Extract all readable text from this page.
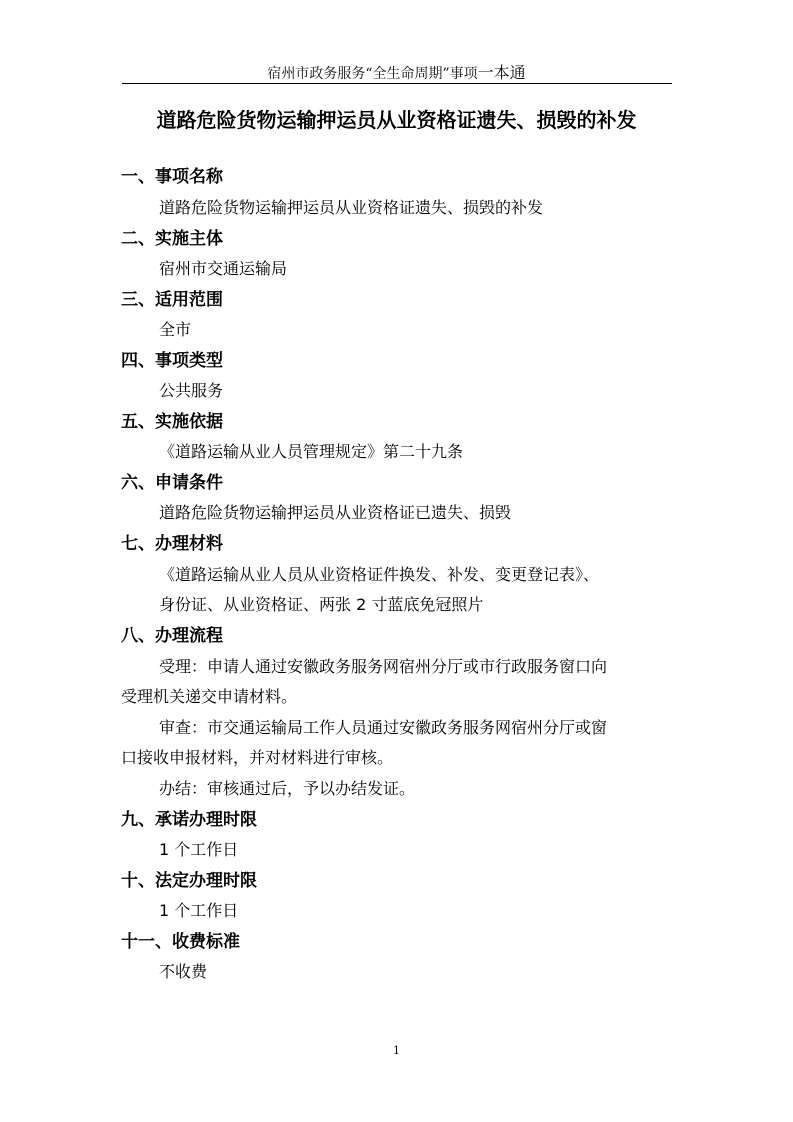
宿州市政务服务“全生命周期”事项一本通
道路危险货物运输押运员从业资格证遗失、损毁的补发
一、事项名称
道路危险货物运输押运员从业资格证遗失、损毁的补发
二、实施主体
宿州市交通运输局
三、适用范围
全市
四、事项类型
公共服务
五、实施依据
《道路运输从业人员管理规定》第二十九条
六、申请条件
道路危险货物运输押运员从业资格证已遗失、损毁
七、办理材料
《道路运输从业人员从业资格证件换发、补发、变更登记表》、
身份证、从业资格证、两张 2 寸蓝底免冠照片
八、办理流程
受理：申请人通过安徽政务服务网宿州分厅或市行政服务窗口向
受理机关递交申请材料。
审查：市交通运输局工作人员通过安徽政务服务网宿州分厅或窗
口接收申报材料，并对材料进行审核。
办结：审核通过后，予以办结发证。
九、承诺办理时限
1 个工作日
十、法定办理时限
1 个工作日
十一、收费标准
不收费
1
